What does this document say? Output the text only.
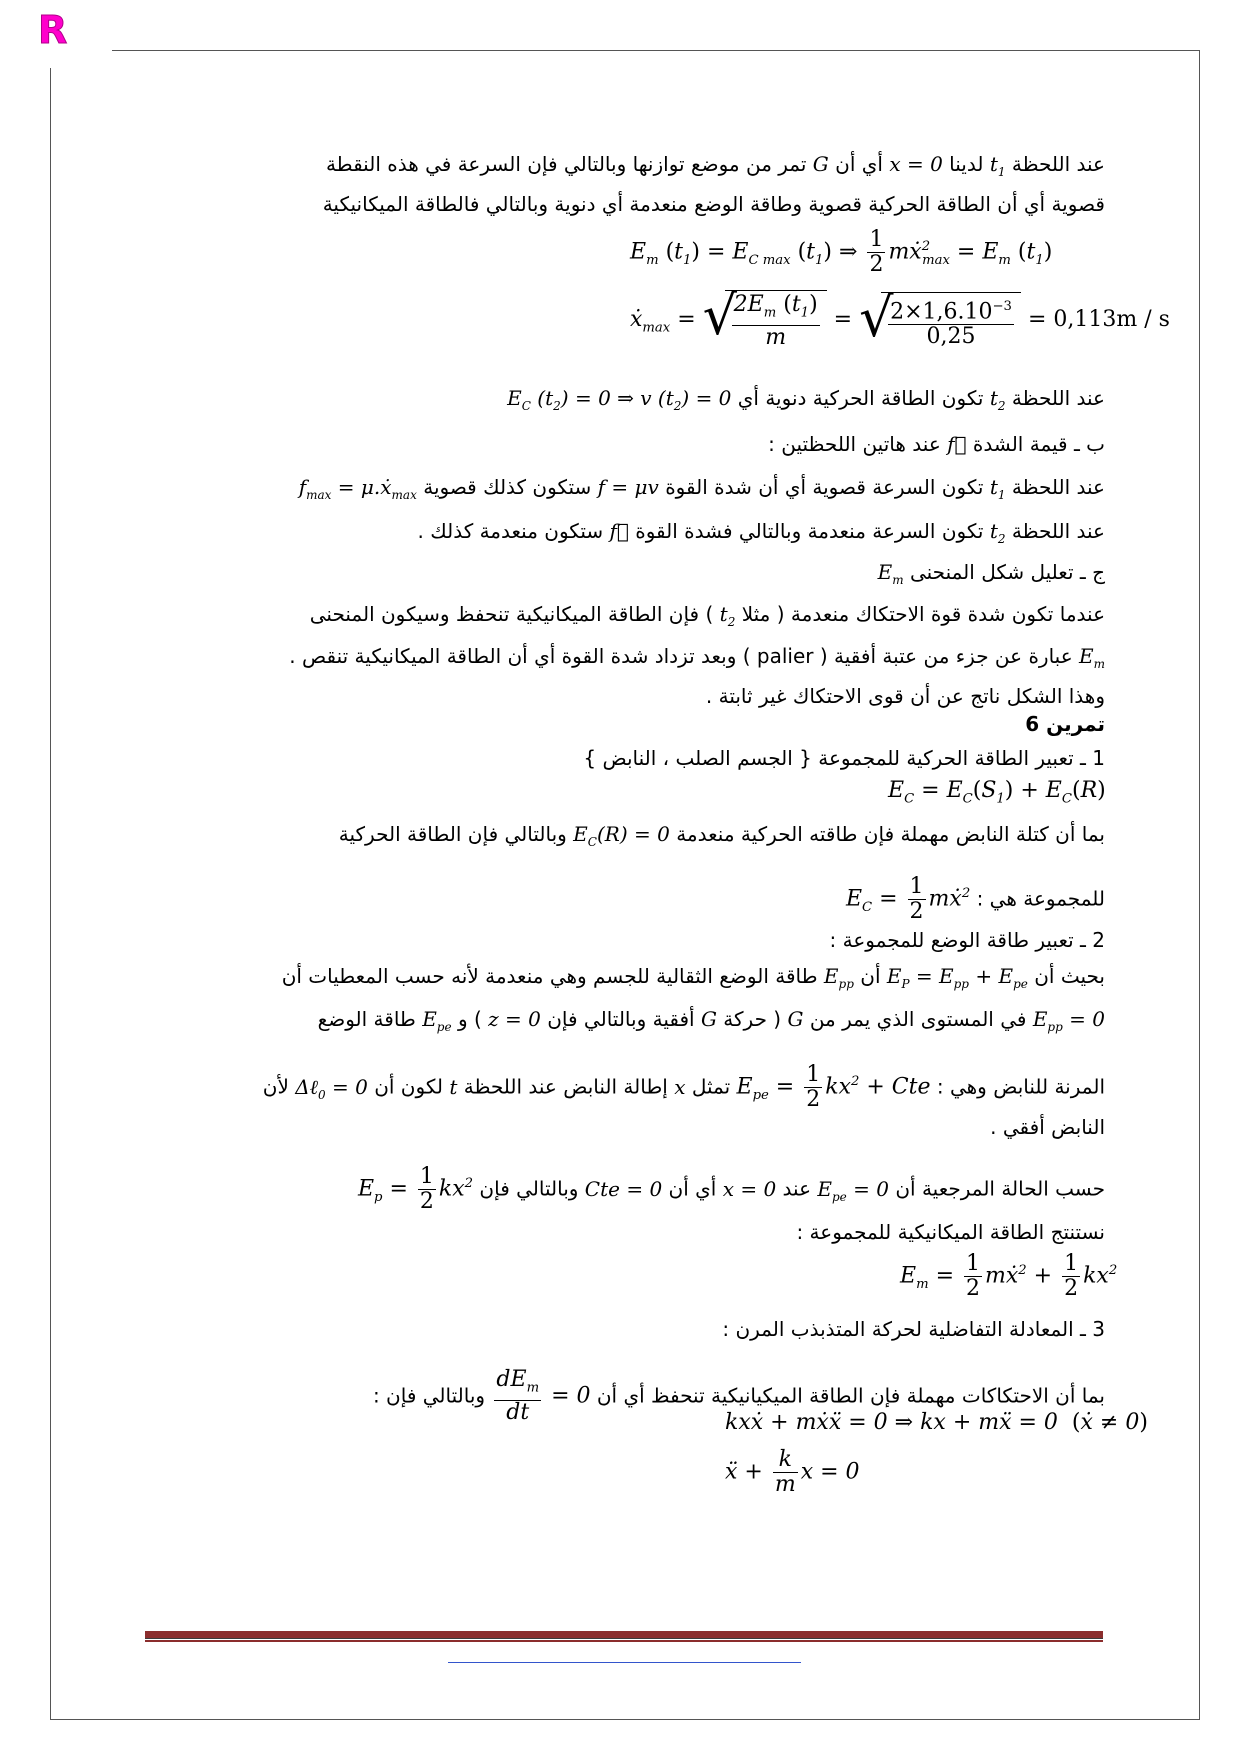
R
عند اللحظة $t_1$ لدينا x = 0 أي أن G تمر من موضع توازنها وبالتالي فإن السرعة في هذه النقطة
قصوية أي أن الطاقة الحركية قصوية وطاقة الوضع منعدمة أي دنوية وبالتالي فالطاقة الميكانيكية
$E_m$ $(t_1) = E_{C max}$ $(t_1)$ ⇒ $\frac{1}{2}$ mẋ$^2_{max}$ = $E_m$ $(t_1)$
ẋ$_{max}$ = √
$\frac{2E_m (t_1)}{m}$ = √
$\frac{2\times 1,6.10^{-3}}{0,25} = 0,113m / s$
عند اللحظة $t_2$ تكون الطاقة الحركية دنوية أي $E_C$ $(t_2) = 0$ ⇒ v $(t_2) = 0$
ب ـ قيمة الشدة f⃗ عند هاتين اللحظتين :
عند اللحظة $t_1$ تكون السرعة قصوية أي أن شدة القوة f = μv ستكون كذلك قصوية $f_{max}$ = μ.ẋ$_{max}$
عند اللحظة $t_2$ تكون السرعة منعدمة وبالتالي فشدة القوة f⃗ ستكون منعدمة كذلك .
ج ـ تعليل شكل المنحنى $E_m$
عندما تكون شدة قوة الاحتكاك منعدمة ( مثلا $t_2$ ) فإن الطاقة الميكانيكية تنحفظ وسيكون المنحنى
$E_m$ عبارة عن جزء من عتبة أفقية ( palier ) وبعد تزداد شدة القوة أي أن الطاقة الميكانيكية تنقص .
وهذا الشكل ناتج عن أن قوى الاحتكاك غير ثابتة .
تمرين 6
1 ـ تعبير الطاقة الحركية للمجموعة { الجسم الصلب ، النابض }
$E_C = E_C(S_1) + E_C(R)$
بما أن كتلة النابض مهملة فإن طاقته الحركية منعدمة $E_C(R) = 0$ وبالتالي فإن الطاقة الحركية
للمجموعة هي : $E_C = \frac{1}{2}$ mẋ$^2$
2 ـ تعبير طاقة الوضع للمجموعة :
بحيث أن $E_P = E_{pp} + E_{pe}$ أن $E_{pp}$ طاقة الوضع الثقالية للجسم وهي منعدمة لأنه حسب المعطيات أن
$E_{pp} = 0$ في المستوى الذي يمر من G ( حركة G أفقية وبالتالي فإن z = 0 ) و $E_{pe}$ طاقة الوضع
المرنة للنابض وهي : $E_{pe} = \frac{1}{2} kx^2$ + Cte تمثل x إطالة النابض عند اللحظة t لكون أن Δℓ$_0$ = 0 لأن
النابض أفقي .
حسب الحالة المرجعية أن $E_{pe} = 0$ عند x = 0 أي أن Cte = 0 وبالتالي فإن $E_p = \frac{1}{2} kx^2$
نستنتج الطاقة الميكانيكية للمجموعة :
$E_m = \frac{1}{2}$ mẋ$^2$ + $\frac{1}{2} kx^2$
3 ـ المعادلة التفاضلية لحركة المتذبذب المرن :
بما أن الاحتكاكات مهملة فإن الطاقة الميكيانيكية تنحفظ أي أن
$\frac{dE_m}{dt} = 0$ وبالتالي فإن :
kxẋ + mẋẍ = 0 ⇒ kx + mẍ = 0  (ẋ ≠ 0)
ẍ + $\frac{k}{m}$ x = 0
